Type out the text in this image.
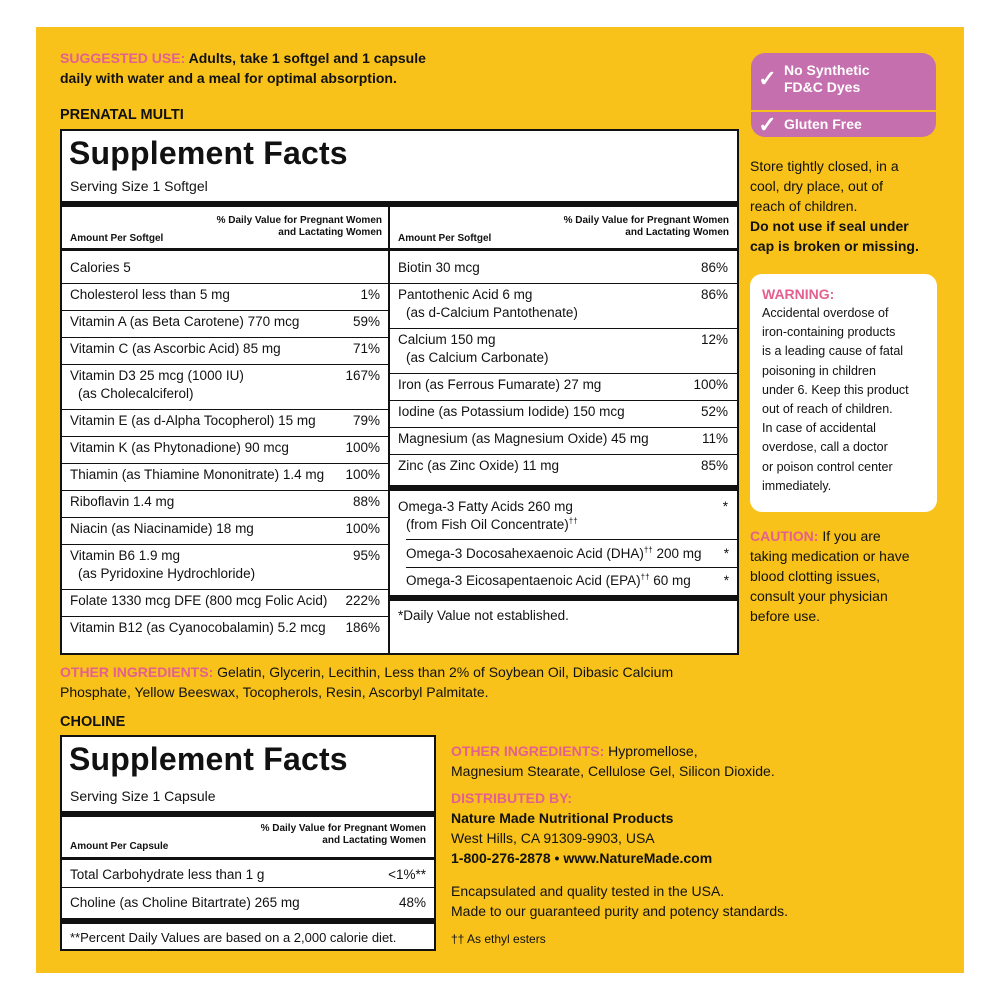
SUGGESTED USE: Adults, take 1 softgel and 1 capsule
daily with water and a meal for optimal absorption.
PRENATAL MULTI
Supplement Facts
Serving Size 1 Softgel
Amount Per Softgel
% Daily Value for Pregnant Women
and Lactating Women
Amount Per Softgel
% Daily Value for Pregnant Women
and Lactating Women
Calories 5
Cholesterol less than 5 mg	1%
Vitamin A (as Beta Carotene) 770 mcg	59%
Vitamin C (as Ascorbic Acid) 85 mg	71%
Vitamin D3 25 mcg (1000 IU)	167%
(as Cholecalciferol)
Vitamin E (as d-Alpha Tocopherol) 15 mg	79%
Vitamin K (as Phytonadione) 90 mcg	100%
Thiamin (as Thiamine Mononitrate) 1.4 mg	100%
Riboflavin 1.4 mg	88%
Niacin (as Niacinamide) 18 mg	100%
Vitamin B6 1.9 mg	95%
(as Pyridoxine Hydrochloride)
Folate 1330 mcg DFE (800 mcg Folic Acid)	222%
Vitamin B12 (as Cyanocobalamin) 5.2 mcg	186%
Biotin 30 mcg	86%
Pantothenic Acid 6 mg	86%
(as d-Calcium Pantothenate)
Calcium 150 mg	12%
(as Calcium Carbonate)
Iron (as Ferrous Fumarate) 27 mg	100%
Iodine (as Potassium Iodide) 150 mcg	52%
Magnesium (as Magnesium Oxide) 45 mg	11%
Zinc (as Zinc Oxide) 11 mg	85%
Omega-3 Fatty Acids 260 mg	*
(from Fish Oil Concentrate)††
Omega-3 Docosahexaenoic Acid (DHA)†† 200 mg	*
Omega-3 Eicosapentaenoic Acid (EPA)†† 60 mg	*
*Daily Value not established.
OTHER INGREDIENTS: Gelatin, Glycerin, Lecithin, Less than 2% of Soybean Oil, Dibasic Calcium
Phosphate, Yellow Beeswax, Tocopherols, Resin, Ascorbyl Palmitate.
✓ No Synthetic
FD&C Dyes
✓ Gluten Free
Store tightly closed, in a
cool, dry place, out of
reach of children.
Do not use if seal under
cap is broken or missing.
WARNING:
Accidental overdose of
iron-containing products
is a leading cause of fatal
poisoning in children
under 6. Keep this product
out of reach of children.
In case of accidental
overdose, call a doctor
or poison control center
immediately.
CAUTION: If you are
taking medication or have
blood clotting issues,
consult your physician
before use.
CHOLINE
Supplement Facts
Serving Size 1 Capsule
Amount Per Capsule
% Daily Value for Pregnant Women
and Lactating Women
Total Carbohydrate less than 1 g	<1%**
Choline (as Choline Bitartrate) 265 mg	48%
**Percent Daily Values are based on a 2,000 calorie diet.
OTHER INGREDIENTS: Hypromellose,
Magnesium Stearate, Cellulose Gel, Silicon Dioxide.
DISTRIBUTED BY:
Nature Made Nutritional Products
West Hills, CA 91309-9903, USA
1-800-276-2878 • www.NatureMade.com
Encapsulated and quality tested in the USA.
Made to our guaranteed purity and potency standards.
†† As ethyl esters
